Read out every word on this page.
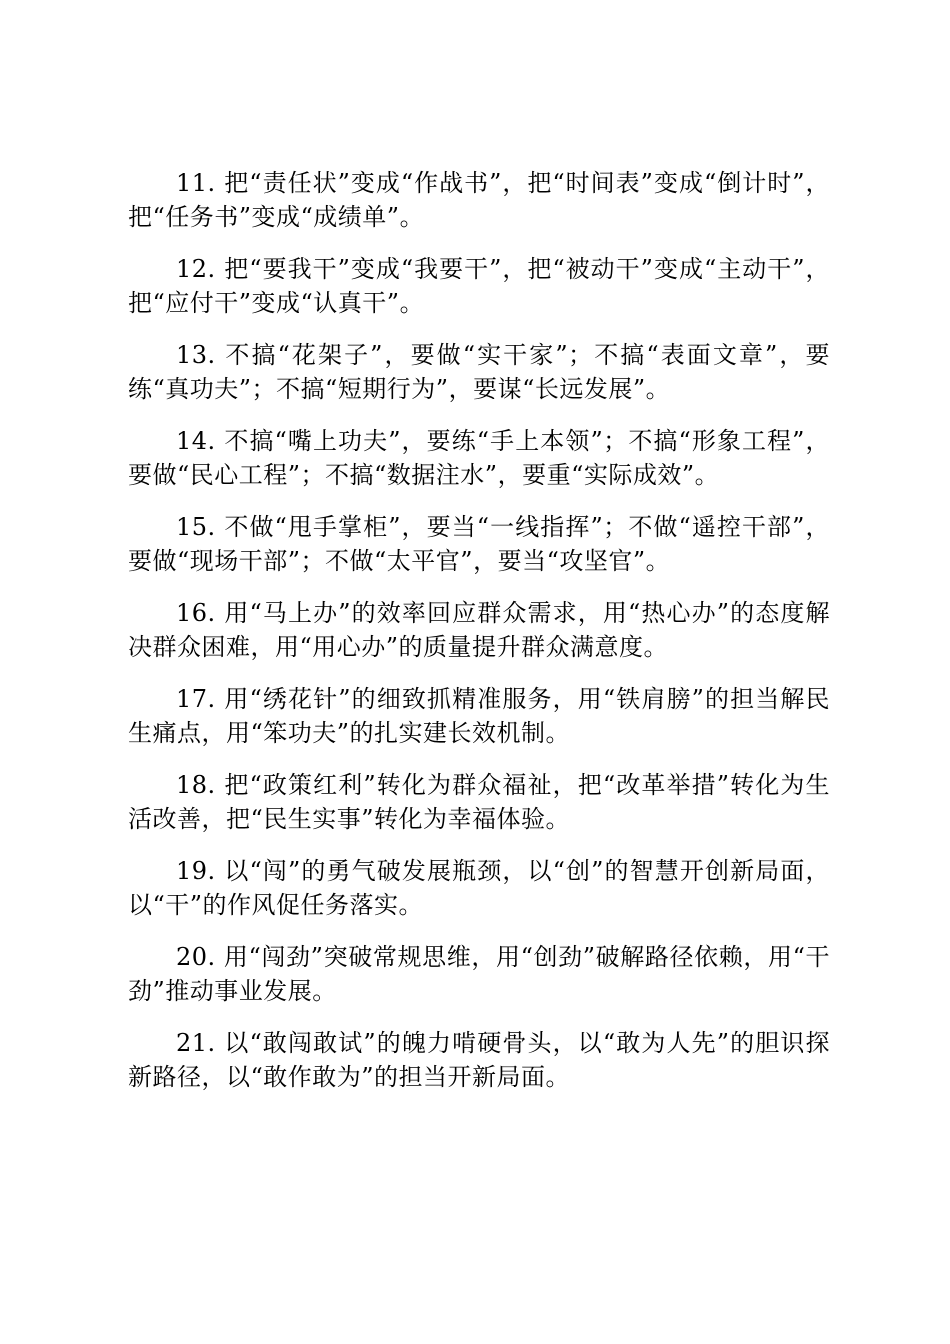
11. 把“责任状”变成“作战书”，把“时间表”变成“倒计时”，把“任务书”变成“成绩单”。

12. 把“要我干”变成“我要干”，把“被动干”变成“主动干”，把“应付干”变成“认真干”。

13. 不搞“花架子”，要做“实干家”；不搞“表面文章”，要练“真功夫”；不搞“短期行为”，要谋“长远发展”。

14. 不搞“嘴上功夫”，要练“手上本领”；不搞“形象工程”，要做“民心工程”；不搞“数据注水”，要重“实际成效”。

15. 不做“甩手掌柜”，要当“一线指挥”；不做“遥控干部”，要做“现场干部”；不做“太平官”，要当“攻坚官”。

16. 用“马上办”的效率回应群众需求，用“热心办”的态度解决群众困难，用“用心办”的质量提升群众满意度。

17. 用“绣花针”的细致抓精准服务，用“铁肩膀”的担当解民生痛点，用“笨功夫”的扎实建长效机制。

18. 把“政策红利”转化为群众福祉，把“改革举措”转化为生活改善，把“民生实事”转化为幸福体验。

19. 以“闯”的勇气破发展瓶颈，以“创”的智慧开创新局面，以“干”的作风促任务落实。

20. 用“闯劲”突破常规思维，用“创劲”破解路径依赖，用“干劲”推动事业发展。

21. 以“敢闯敢试”的魄力啃硬骨头，以“敢为人先”的胆识探新路径，以“敢作敢为”的担当开新局面。
